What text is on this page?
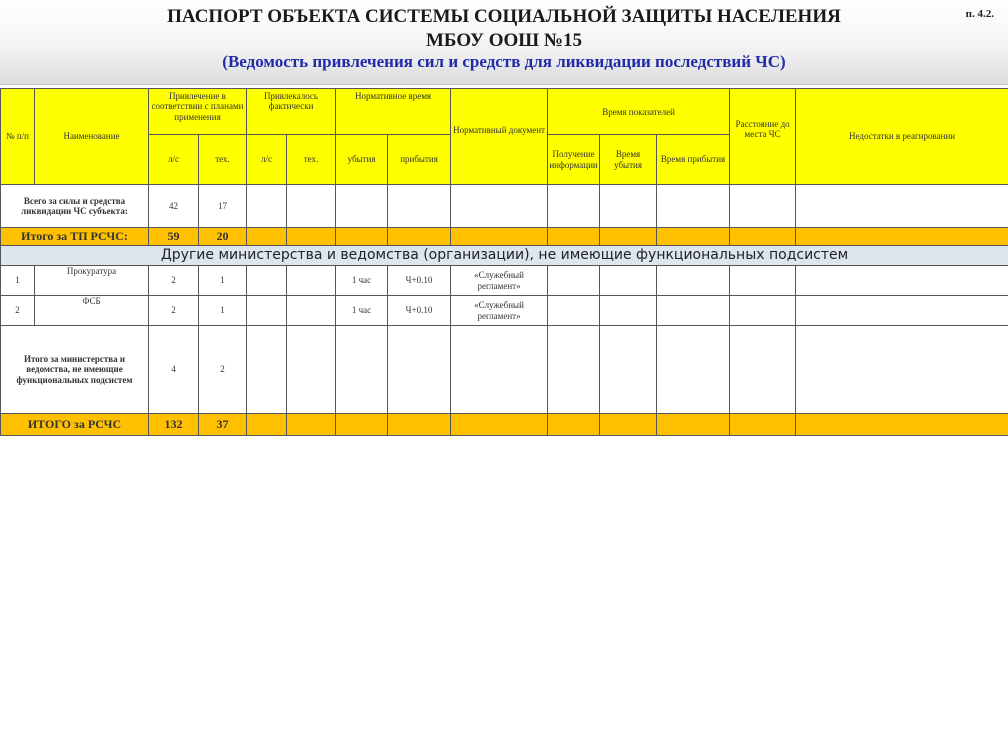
ПАСПОРТ ОБЪЕКТА СИСТЕМЫ СОЦИАЛЬНОЙ ЗАЩИТЫ НАСЕЛЕНИЯ
МБОУ ООШ №15
(Ведомость привлечения сил и средств для ликвидации последствий ЧС)
п. 4.2.
№ п/п	Наименование	Привлечение в соответствии с планами применения		Привлекалось фактически		Нормативное время		Нормативный документ	Время показателей			Расстояние до места ЧС	Недостатки в реагировании
		л/с	тех.	л/с	тех.	убытия	прибытия		Получение информации	Время убытия	Время прибытия		
Всего за силы и средства ликвидации ЧС субъекта:		42	17										
Итого за ТП РСЧС:		59	20										
Другие министерства и ведомства (организации), не имеющие функциональных подсистем													
1	Прокуратура	2	1			1 час	Ч+0.10	«Служебный регламент»					
2	ФСБ	2	1			1 час	Ч+0.10	«Служебный регламент»					
Итого за министерства и ведомства, не имеющие функциональных подсистем		4	2										
ИТОГО за РСЧС		132	37										
